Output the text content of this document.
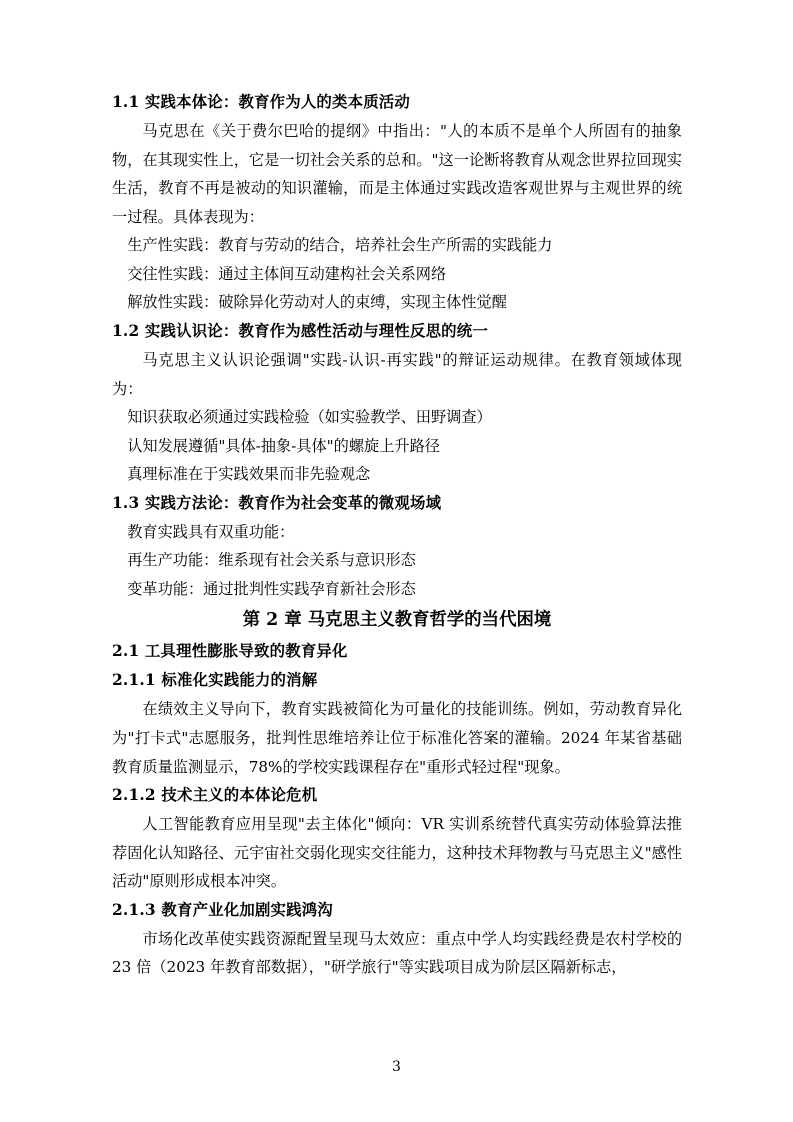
1.1 实践本体论：教育作为人的类本质活动

马克思在《关于费尔巴哈的提纲》中指出："人的本质不是单个人所固有的抽象物，在其现实性上，它是一切社会关系的总和。"这一论断将教育从观念世界拉回现实生活，教育不再是被动的知识灌输，而是主体通过实践改造客观世界与主观世界的统一过程。具体表现为：

生产性实践：教育与劳动的结合，培养社会生产所需的实践能力

交往性实践：通过主体间互动建构社会关系网络

解放性实践：破除异化劳动对人的束缚，实现主体性觉醒

1.2 实践认识论：教育作为感性活动与理性反思的统一

马克思主义认识论强调"实践-认识-再实践"的辩证运动规律。在教育领域体现为：

知识获取必须通过实践检验（如实验教学、田野调查）

认知发展遵循"具体-抽象-具体"的螺旋上升路径

真理标准在于实践效果而非先验观念

1.3 实践方法论：教育作为社会变革的微观场域

教育实践具有双重功能：

再生产功能：维系现有社会关系与意识形态

变革功能：通过批判性实践孕育新社会形态

第 2 章 马克思主义教育哲学的当代困境
2.1 工具理性膨胀导致的教育异化
2.1.1 标准化实践能力的消解

在绩效主义导向下，教育实践被简化为可量化的技能训练。例如，劳动教育异化为"打卡式"志愿服务，批判性思维培养让位于标准化答案的灌输。2024 年某省基础教育质量监测显示，78%的学校实践课程存在"重形式轻过程"现象。

2.1.2 技术主义的本体论危机

人工智能教育应用呈现"去主体化"倾向：VR 实训系统替代真实劳动体验算法推荐固化认知路径、元宇宙社交弱化现实交往能力，这种技术拜物教与马克思主义"感性活动"原则形成根本冲突。

2.1.3 教育产业化加剧实践鸿沟

市场化改革使实践资源配置呈现马太效应：重点中学人均实践经费是农村学校的 23 倍（2023 年教育部数据），"研学旅行"等实践项目成为阶层区隔新标志，

3
